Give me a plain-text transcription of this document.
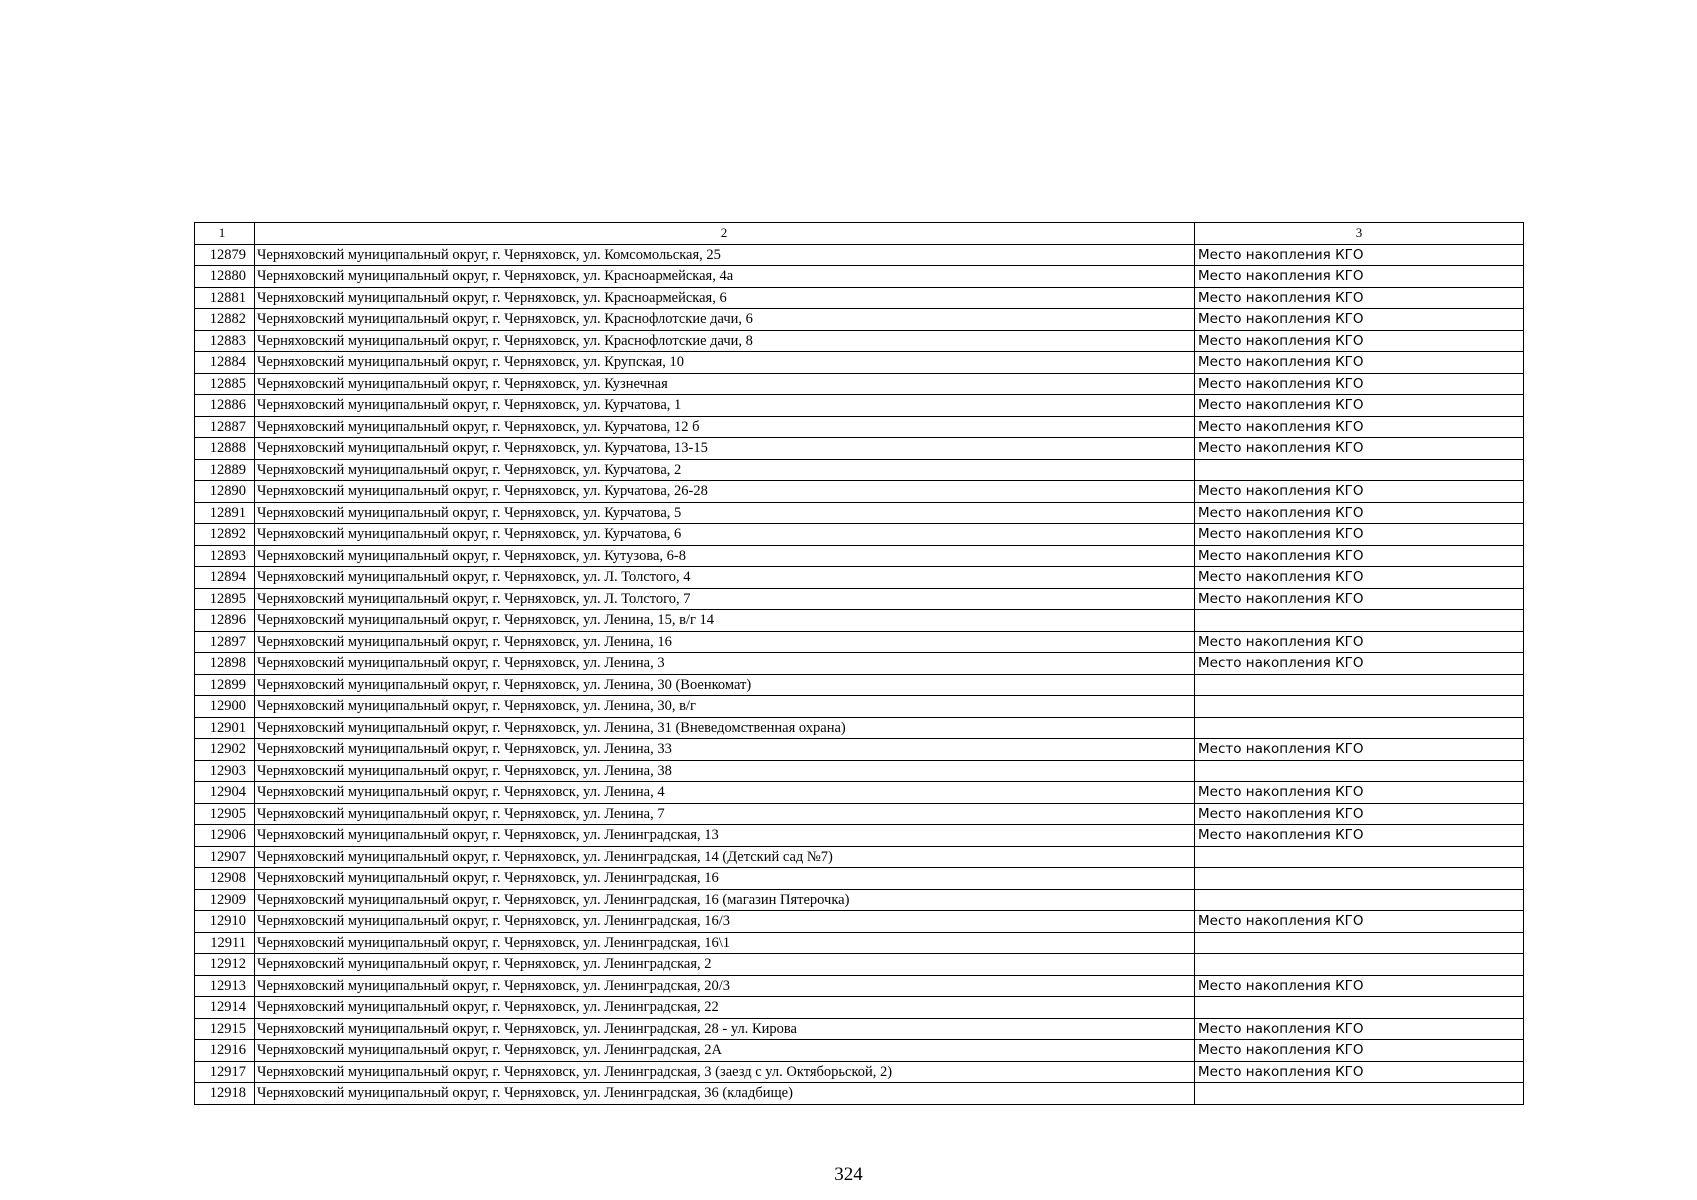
1	2	3
12879	Черняховский муниципальный округ, г. Черняховск, ул. Комсомольская, 25	Место накопления КГО
12880	Черняховский муниципальный округ, г. Черняховск, ул. Красноармейская, 4а	Место накопления КГО
12881	Черняховский муниципальный округ, г. Черняховск, ул. Красноармейская, 6	Место накопления КГО
12882	Черняховский муниципальный округ, г. Черняховск, ул. Краснофлотские дачи, 6	Место накопления КГО
12883	Черняховский муниципальный округ, г. Черняховск, ул. Краснофлотские дачи, 8	Место накопления КГО
12884	Черняховский муниципальный округ, г. Черняховск, ул. Крупская, 10	Место накопления КГО
12885	Черняховский муниципальный округ, г. Черняховск, ул. Кузнечная	Место накопления КГО
12886	Черняховский муниципальный округ, г. Черняховск, ул. Курчатова, 1	Место накопления КГО
12887	Черняховский муниципальный округ, г. Черняховск, ул. Курчатова, 12 б	Место накопления КГО
12888	Черняховский муниципальный округ, г. Черняховск, ул. Курчатова, 13-15	Место накопления КГО
12889	Черняховский муниципальный округ, г. Черняховск, ул. Курчатова, 2	
12890	Черняховский муниципальный округ, г. Черняховск, ул. Курчатова, 26-28	Место накопления КГО
12891	Черняховский муниципальный округ, г. Черняховск, ул. Курчатова, 5	Место накопления КГО
12892	Черняховский муниципальный округ, г. Черняховск, ул. Курчатова, 6	Место накопления КГО
12893	Черняховский муниципальный округ, г. Черняховск, ул. Кутузова, 6-8	Место накопления КГО
12894	Черняховский муниципальный округ, г. Черняховск, ул. Л. Толстого, 4	Место накопления КГО
12895	Черняховский муниципальный округ, г. Черняховск, ул. Л. Толстого, 7	Место накопления КГО
12896	Черняховский муниципальный округ, г. Черняховск, ул. Ленина, 15, в/г 14	
12897	Черняховский муниципальный округ, г. Черняховск, ул. Ленина, 16	Место накопления КГО
12898	Черняховский муниципальный округ, г. Черняховск, ул. Ленина, 3	Место накопления КГО
12899	Черняховский муниципальный округ, г. Черняховск, ул. Ленина, 30 (Военкомат)	
12900	Черняховский муниципальный округ, г. Черняховск, ул. Ленина, 30, в/г	
12901	Черняховский муниципальный округ, г. Черняховск, ул. Ленина, 31 (Вневедомственная охрана)	
12902	Черняховский муниципальный округ, г. Черняховск, ул. Ленина, 33	Место накопления КГО
12903	Черняховский муниципальный округ, г. Черняховск, ул. Ленина, 38	
12904	Черняховский муниципальный округ, г. Черняховск, ул. Ленина, 4	Место накопления КГО
12905	Черняховский муниципальный округ, г. Черняховск, ул. Ленина, 7	Место накопления КГО
12906	Черняховский муниципальный округ, г. Черняховск, ул. Ленинградская, 13	Место накопления КГО
12907	Черняховский муниципальный округ, г. Черняховск, ул. Ленинградская, 14 (Детский сад №7)	
12908	Черняховский муниципальный округ, г. Черняховск, ул. Ленинградская, 16	
12909	Черняховский муниципальный округ, г. Черняховск, ул. Ленинградская, 16 (магазин Пятерочка)	
12910	Черняховский муниципальный округ, г. Черняховск, ул. Ленинградская, 16/3	Место накопления КГО
12911	Черняховский муниципальный округ, г. Черняховск, ул. Ленинградская, 16\1	
12912	Черняховский муниципальный округ, г. Черняховск, ул. Ленинградская, 2	
12913	Черняховский муниципальный округ, г. Черняховск, ул. Ленинградская, 20/3	Место накопления КГО
12914	Черняховский муниципальный округ, г. Черняховск, ул. Ленинградская, 22	
12915	Черняховский муниципальный округ, г. Черняховск, ул. Ленинградская, 28 - ул. Кирова	Место накопления КГО
12916	Черняховский муниципальный округ, г. Черняховск, ул. Ленинградская, 2А	Место накопления КГО
12917	Черняховский муниципальный округ, г. Черняховск, ул. Ленинградская, 3 (заезд с ул. Октяборьской, 2)	Место накопления КГО
12918	Черняховский муниципальный округ, г. Черняховск, ул. Ленинградская, 36 (кладбище)	
324
